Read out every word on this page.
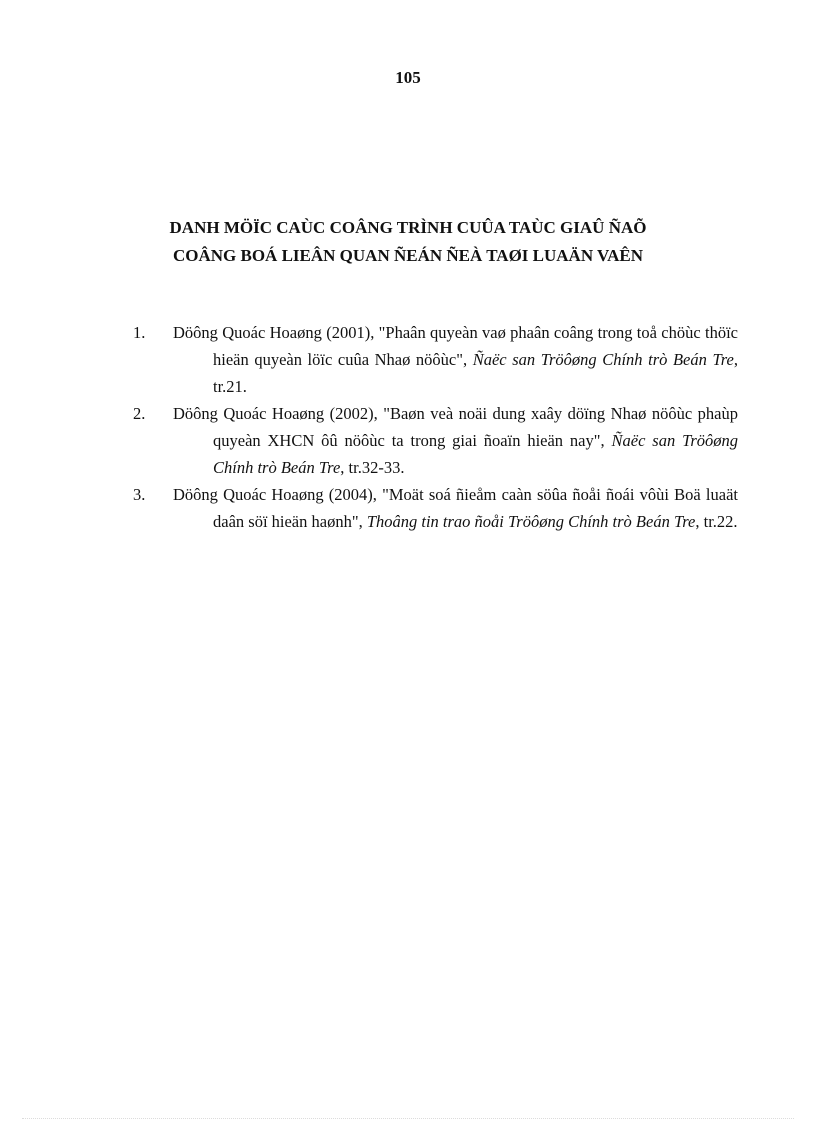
105
DANH MÖÏC CAÙC COÂNG TRÌNH CUÛA TAÙC GIAÛ ÑAÕ
COÂNG BOÁ LIEÂN QUAN ÑEÁN ÑEÀ TAØI LUAÄN VAÊN
1. Döông Quoác Hoaøng (2001), "Phaân quyeàn vaø phaân coâng trong toå chöùc thöïc hieän quyeàn löïc cuûa Nhaø nöôùc", Ñaëc san Tröôøng Chính trò Beán Tre, tr.21.
2. Döông Quoác Hoaøng (2002), "Baøn veà noäi dung xaây döïng Nhaø nöôùc phaùp quyeàn XHCN ôû nöôùc ta trong giai ñoaïn hieän nay", Ñaëc san Tröôøng Chính trò Beán Tre, tr.32-33.
3. Döông Quoác Hoaøng (2004), "Moät soá ñieåm caàn söûa ñoåi ñoái vôùi Boä luaät daân söï hieän haønh", Thoâng tin trao ñoåi Tröôøng Chính trò Beán Tre, tr.22.
